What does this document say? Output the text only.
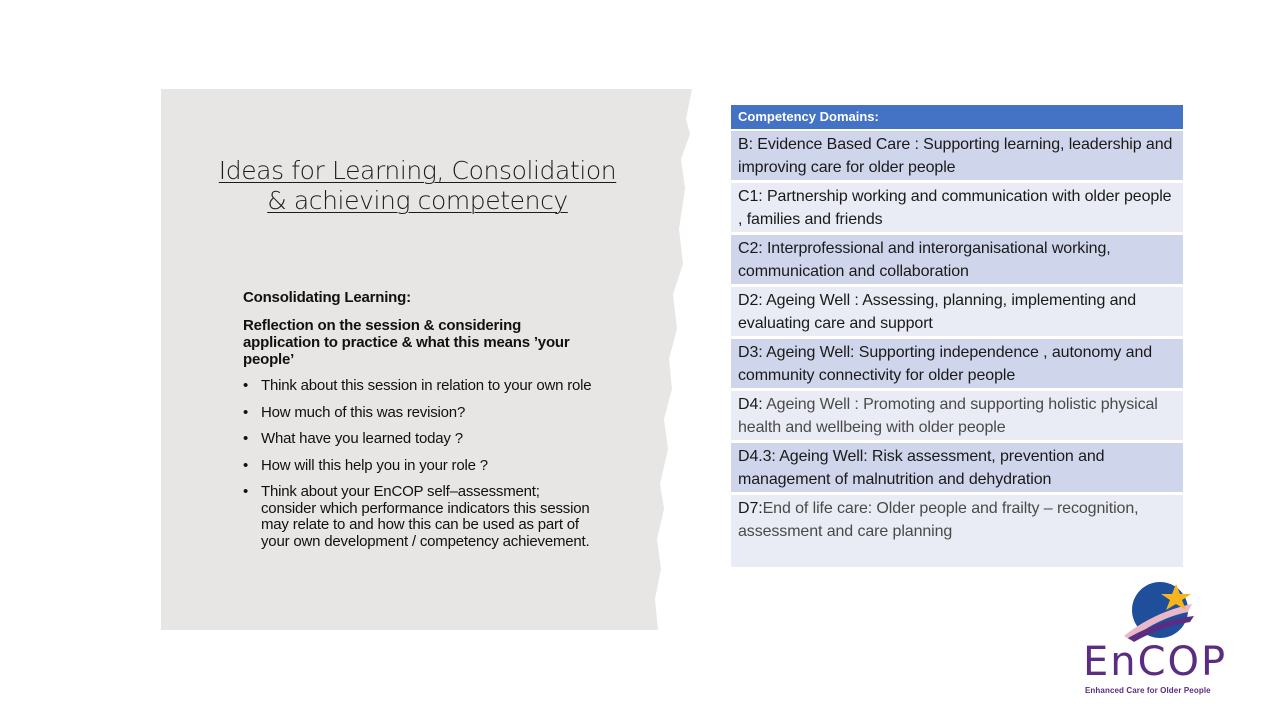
Ideas for Learning, Consolidation
& achieving competency

Consolidating Learning:

Reflection on the session & considering application to practice & what this means ’your people’

• Think about this session in relation to your own role
• How much of this was revision?
• What have you learned today ?
• How will this help you in your role ?
• Think about your EnCOP self–assessment; consider which performance indicators this session may relate to and how this can be used as part of your own development / competency achievement.
Competency Domains:
B: Evidence Based Care : Supporting learning, leadership and improving care for older people
C1: Partnership working and communication with older people , families and friends
C2: Interprofessional and interorganisational working, communication and collaboration
D2: Ageing Well : Assessing, planning, implementing and evaluating care and support
D3: Ageing Well: Supporting independence , autonomy and community connectivity for older people
D4: Ageing Well : Promoting and supporting holistic physical health and wellbeing with older people
D4.3: Ageing Well: Risk assessment, prevention and management of malnutrition and dehydration
D7:End of life care: Older people and frailty – recognition, assessment and care planning
EnCOP
Enhanced Care for Older People
